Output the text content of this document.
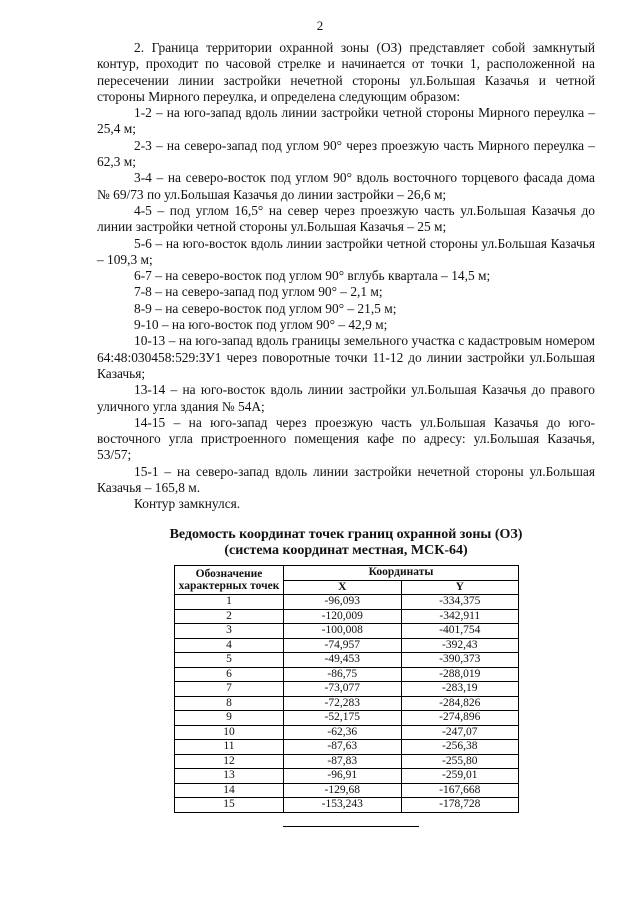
2

2. Граница территории охранной зоны (ОЗ) представляет собой замкнутый контур, проходит по часовой стрелке и начинается от точки 1, расположенной на пересечении линии застройки нечетной стороны ул.Большая Казачья и четной стороны Мирного переулка, и определена следующим образом:

1-2 – на юго-запад вдоль линии застройки четной стороны Мирного переулка – 25,4 м;

2-3 – на северо-запад под углом 90° через проезжую часть Мирного переулка – 62,3 м;

3-4 – на северо-восток под углом 90° вдоль восточного торцевого фасада дома № 69/73 по ул.Большая Казачья до линии застройки – 26,6 м;

4-5 – под углом 16,5° на север через проезжую часть ул.Большая Казачья до линии застройки четной стороны ул.Большая Казачья – 25 м;

5-6 – на юго-восток вдоль линии застройки четной стороны ул.Большая Казачья – 109,3 м;

6-7 – на северо-восток под углом 90° вглубь квартала – 14,5 м;

7-8 – на северо-запад под углом 90° – 2,1 м;

8-9 – на северо-восток под углом 90° – 21,5 м;

9-10 – на юго-восток под углом 90° – 42,9 м;

10-13 – на юго-запад вдоль границы земельного участка с кадастровым номером 64:48:030458:529:ЗУ1 через поворотные точки 11-12 до линии застройки ул.Большая Казачья;

13-14 – на юго-восток вдоль линии застройки ул.Большая Казачья до правого уличного угла здания № 54А;

14-15 – на юго-запад через проезжую часть ул.Большая Казачья до юго-восточного угла пристроенного помещения кафе по адресу: ул.Большая Казачья, 53/57;

15-1 – на северо-запад вдоль линии застройки нечетной стороны ул.Большая Казачья – 165,8 м.

Контур замкнулся.

Ведомость координат точек границ охранной зоны (ОЗ)
(система координат местная, МСК-64)
Обозначение характерных точек	Координаты	
	X	Y
1	-96,093	-334,375
2	-120,009	-342,911
3	-100,008	-401,754
4	-74,957	-392,43
5	-49,453	-390,373
6	-86,75	-288,019
7	-73,077	-283,19
8	-72,283	-284,826
9	-52,175	-274,896
10	-62,36	-247,07
11	-87,63	-256,38
12	-87,83	-255,80
13	-96,91	-259,01
14	-129,68	-167,668
15	-153,243	-178,728
